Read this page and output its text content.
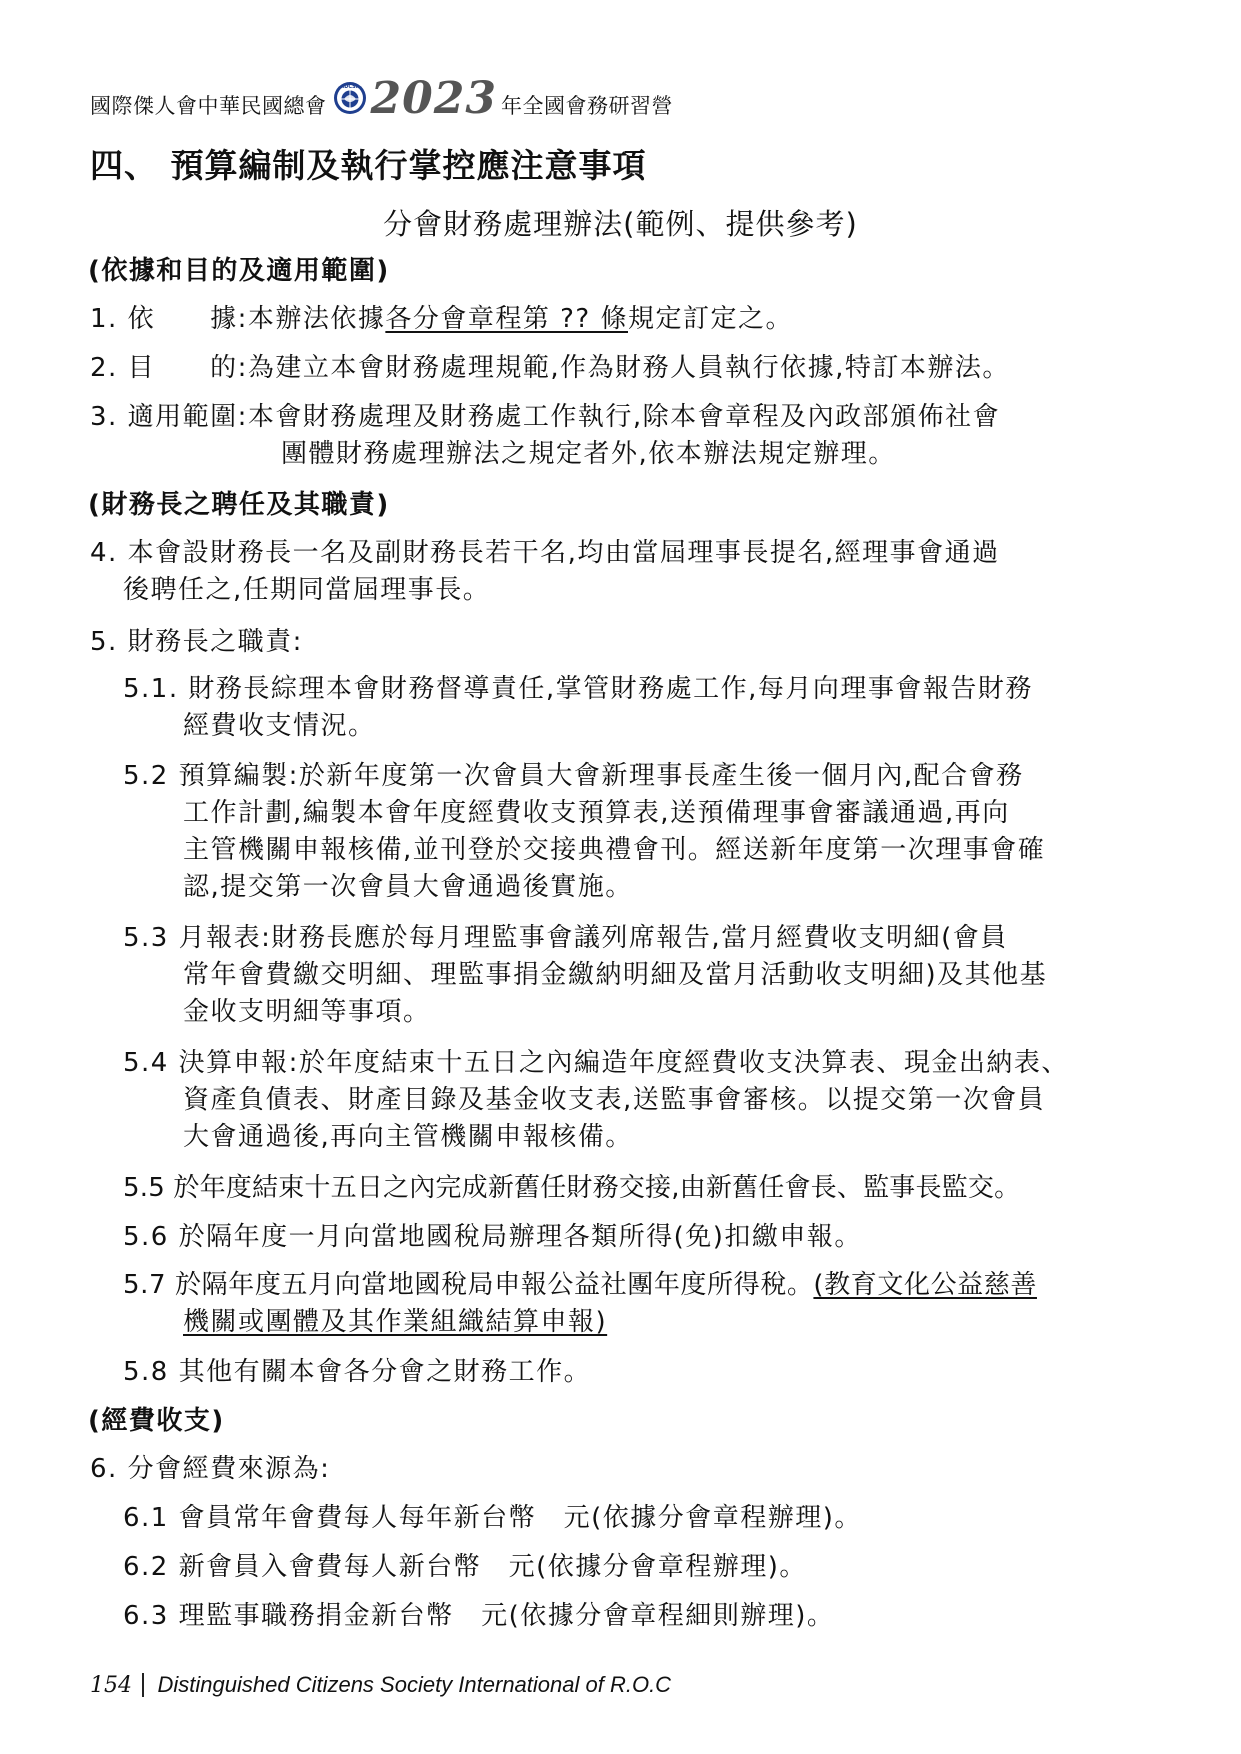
國際傑人會中華民國總會
IDCSI 2023 年全國會務研習營
四、 預算編制及執行掌控應注意事項
分會財務處理辦法(範例、提供參考)
(依據和目的及適用範圍)
1. 依　　據:本辦法依據各分會章程第 ?? 條規定訂定之。
2. 目　　的:為建立本會財務處理規範,作為財務人員執行依據,特訂本辦法。
3. 適用範圍:本會財務處理及財務處工作執行,除本會章程及內政部頒佈社會
團體財務處理辦法之規定者外,依本辦法規定辦理。
(財務長之聘任及其職責)
4. 本會設財務長一名及副財務長若干名,均由當屆理事長提名,經理事會通過
後聘任之,任期同當屆理事長。
5. 財務長之職責:
5.1. 財務長綜理本會財務督導責任,掌管財務處工作,每月向理事會報告財務
經費收支情況。
5.2 預算編製:於新年度第一次會員大會新理事長產生後一個月內,配合會務
工作計劃,編製本會年度經費收支預算表,送預備理事會審議通過,再向
主管機關申報核備,並刊登於交接典禮會刊。經送新年度第一次理事會確
認,提交第一次會員大會通過後實施。
5.3 月報表:財務長應於每月理監事會議列席報告,當月經費收支明細(會員
常年會費繳交明細、理監事捐金繳納明細及當月活動收支明細)及其他基
金收支明細等事項。
5.4 決算申報:於年度結束十五日之內編造年度經費收支決算表、現金出納表、
資產負債表、財產目錄及基金收支表,送監事會審核。以提交第一次會員
大會通過後,再向主管機關申報核備。
5.5 於年度結束十五日之內完成新舊任財務交接,由新舊任會長、監事長監交。
5.6 於隔年度一月向當地國稅局辦理各類所得(免)扣繳申報。
5.7 於隔年度五月向當地國稅局申報公益社團年度所得稅。(教育文化公益慈善
機關或團體及其作業組織結算申報)
5.8 其他有關本會各分會之財務工作。
(經費收支)
6. 分會經費來源為:
6.1 會員常年會費每人每年新台幣　元(依據分會章程辦理)。
6.2 新會員入會費每人新台幣　元(依據分會章程辦理)。
6.3 理監事職務捐金新台幣　元(依據分會章程細則辦理)。
154 Distinguished Citizens Society International of R.O.C
